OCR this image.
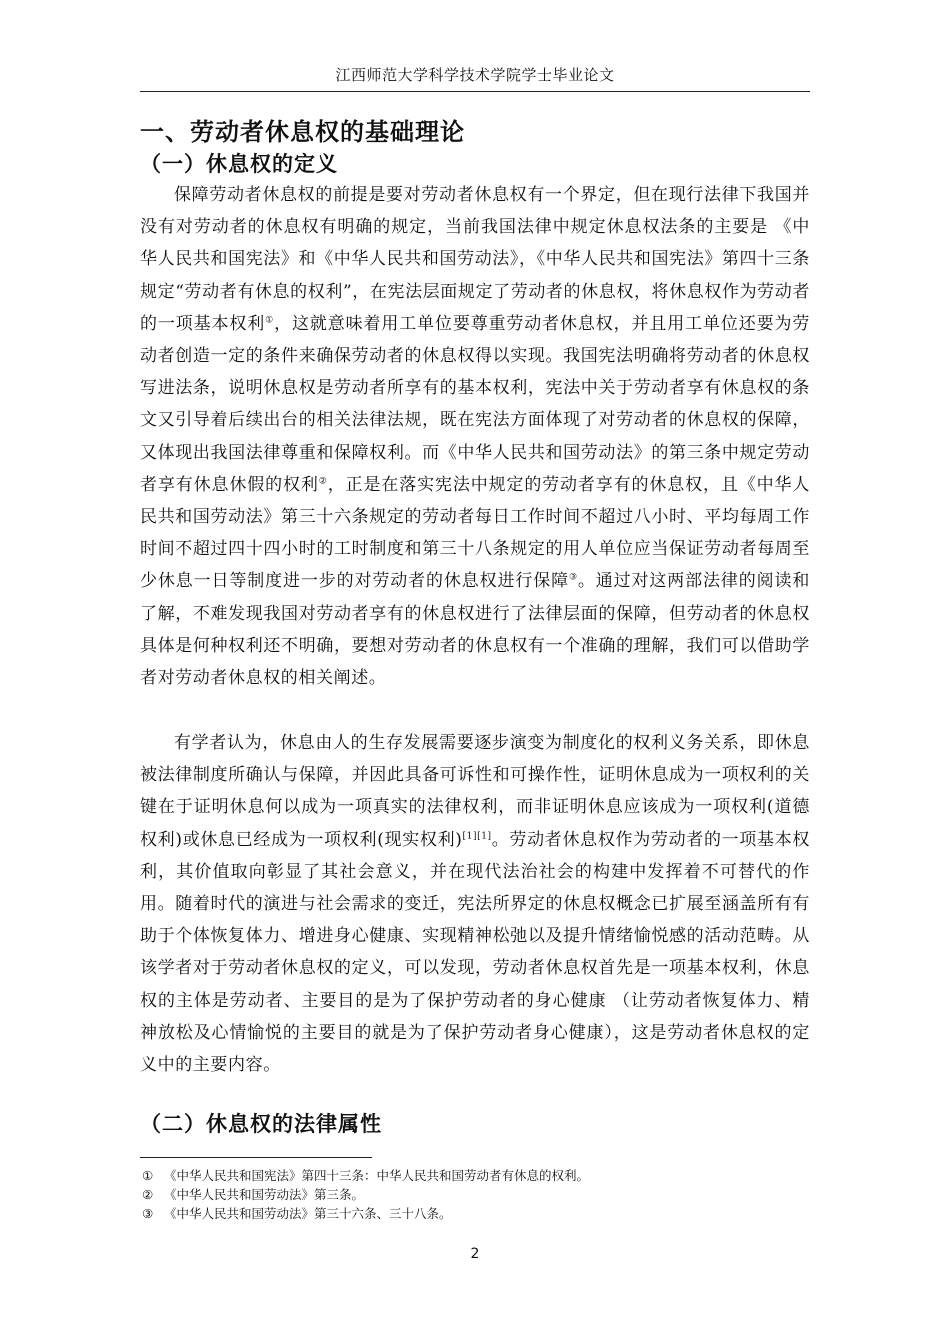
江西师范大学科学技术学院学士毕业论文
一、劳动者休息权的基础理论
（一）休息权的定义

保障劳动者休息权的前提是要对劳动者休息权有一个界定，但在现行法律下我国并没有对劳动者的休息权有明确的规定，当前我国法律中规定休息权法条的主要是 《中华人民共和国宪法》和《中华人民共和国劳动法》，《中华人民共和国宪法》第四十三条规定“劳动者有休息的权利”，在宪法层面规定了劳动者的休息权，将休息权作为劳动者的一项基本权利①，这就意味着用工单位要尊重劳动者休息权，并且用工单位还要为劳动者创造一定的条件来确保劳动者的休息权得以实现。我国宪法明确将劳动者的休息权写进法条，说明休息权是劳动者所享有的基本权利，宪法中关于劳动者享有休息权的条文又引导着后续出台的相关法律法规，既在宪法方面体现了对劳动者的休息权的保障，又体现出我国法律尊重和保障权利。而《中华人民共和国劳动法》的第三条中规定劳动者享有休息休假的权利②，正是在落实宪法中规定的劳动者享有的休息权，且《中华人民共和国劳动法》第三十六条规定的劳动者每日工作时间不超过八小时、平均每周工作时间不超过四十四小时的工时制度和第三十八条规定的用人单位应当保证劳动者每周至少休息一日等制度进一步的对劳动者的休息权进行保障③。通过对这两部法律的阅读和了解，不难发现我国对劳动者享有的休息权进行了法律层面的保障，但劳动者的休息权具体是何种权利还不明确，要想对劳动者的休息权有一个准确的理解，我们可以借助学者对劳动者休息权的相关阐述。

有学者认为，休息由人的生存发展需要逐步演变为制度化的权利义务关系，即休息被法律制度所确认与保障，并因此具备可诉性和可操作性，证明休息成为一项权利的关键在于证明休息何以成为一项真实的法律权利，而非证明休息应该成为一项权利(道德权利)或休息已经成为一项权利(现实权利)[1][1]。劳动者休息权作为劳动者的一项基本权利，其价值取向彰显了其社会意义，并在现代法治社会的构建中发挥着不可替代的作用。随着时代的演进与社会需求的变迁，宪法所界定的休息权概念已扩展至涵盖所有有助于个体恢复体力、增进身心健康、实现精神松弛以及提升情绪愉悦感的活动范畴。从该学者对于劳动者休息权的定义，可以发现，劳动者休息权首先是一项基本权利，休息权的主体是劳动者、主要目的是为了保护劳动者的身心健康 （让劳动者恢复体力、精神放松及心情愉悦的主要目的就是为了保护劳动者身心健康），这是劳动者休息权的定义中的主要内容。

（二）休息权的法律属性
① 《中华人民共和国宪法》第四十三条：中华人民共和国劳动者有休息的权利。
② 《中华人民共和国劳动法》第三条。
③ 《中华人民共和国劳动法》第三十六条、三十八条。
2
